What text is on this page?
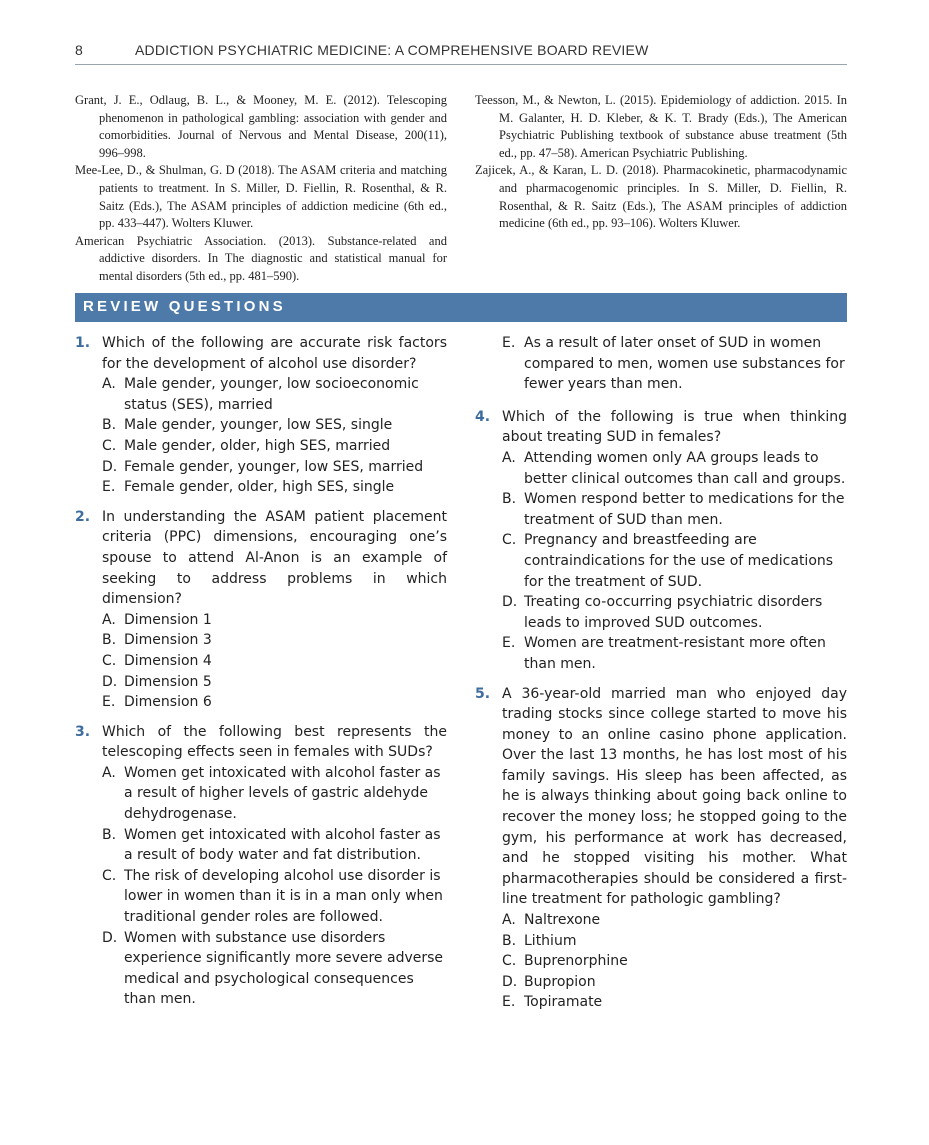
8	ADDICTION PSYCHIATRIC MEDICINE: A COMPREHENSIVE BOARD REVIEW

Grant, J. E., Odlaug, B. L., & Mooney, M. E. (2012). Telescoping phenomenon in pathological gambling: association with gender and comorbidities. Journal of Nervous and Mental Disease, 200(11), 996–998.

Mee-Lee, D., & Shulman, G. D (2018). The ASAM criteria and matching patients to treatment. In S. Miller, D. Fiellin, R. Rosenthal, & R. Saitz (Eds.), The ASAM principles of addiction medicine (6th ed., pp. 433–447). Wolters Kluwer.

American Psychiatric Association. (2013). Substance-related and addictive disorders. In The diagnostic and statistical manual for mental disorders (5th ed., pp. 481–590).

Teesson, M., & Newton, L. (2015). Epidemiology of addiction. 2015. In M. Galanter, H. D. Kleber, & K. T. Brady (Eds.), The American Psychiatric Publishing textbook of substance abuse treatment (5th ed., pp. 47–58). American Psychiatric Publishing.

Zajicek, A., & Karan, L. D. (2018). Pharmacokinetic, pharmacodynamic and pharmacogenomic principles. In S. Miller, D. Fiellin, R. Rosenthal, & R. Saitz (Eds.), The ASAM principles of addiction medicine (6th ed., pp. 93–106). Wolters Kluwer.

REVIEW QUESTIONS
1. Which of the following are accurate risk factors for the development of alcohol use disorder?
A. Male gender, younger, low socioeconomic status (SES), married
B. Male gender, younger, low SES, single
C. Male gender, older, high SES, married
D. Female gender, younger, low SES, married
E. Female gender, older, high SES, single
2. In understanding the ASAM patient placement criteria (PPC) dimensions, encouraging one’s spouse to attend Al-Anon is an example of seeking to address problems in which dimension?
A. Dimension 1
B. Dimension 3
C. Dimension 4
D. Dimension 5
E. Dimension 6
3. Which of the following best represents the telescoping effects seen in females with SUDs?
A. Women get intoxicated with alcohol faster as a result of higher levels of gastric aldehyde dehydrogenase.
B. Women get intoxicated with alcohol faster as a result of body water and fat distribution.
C. The risk of developing alcohol use disorder is lower in women than it is in a man only when traditional gender roles are followed.
D. Women with substance use disorders experience significantly more severe adverse medical and psychological consequences than men.
E. As a result of later onset of SUD in women compared to men, women use substances for fewer years than men.
4. Which of the following is true when thinking about treating SUD in females?
A. Attending women only AA groups leads to better clinical outcomes than call and groups.
B. Women respond better to medications for the treatment of SUD than men.
C. Pregnancy and breastfeeding are contraindications for the use of medications for the treatment of SUD.
D. Treating co-occurring psychiatric disorders leads to improved SUD outcomes.
E. Women are treatment-resistant more often than men.
5. A 36-year-old married man who enjoyed day trading stocks since college started to move his money to an online casino phone application. Over the last 13 months, he has lost most of his family savings. His sleep has been affected, as he is always thinking about going back online to recover the money loss; he stopped going to the gym, his performance at work has decreased, and he stopped visiting his mother. What pharmacotherapies should be considered a first-line treatment for pathologic gambling?
A. Naltrexone
B. Lithium
C. Buprenorphine
D. Bupropion
E. Topiramate
